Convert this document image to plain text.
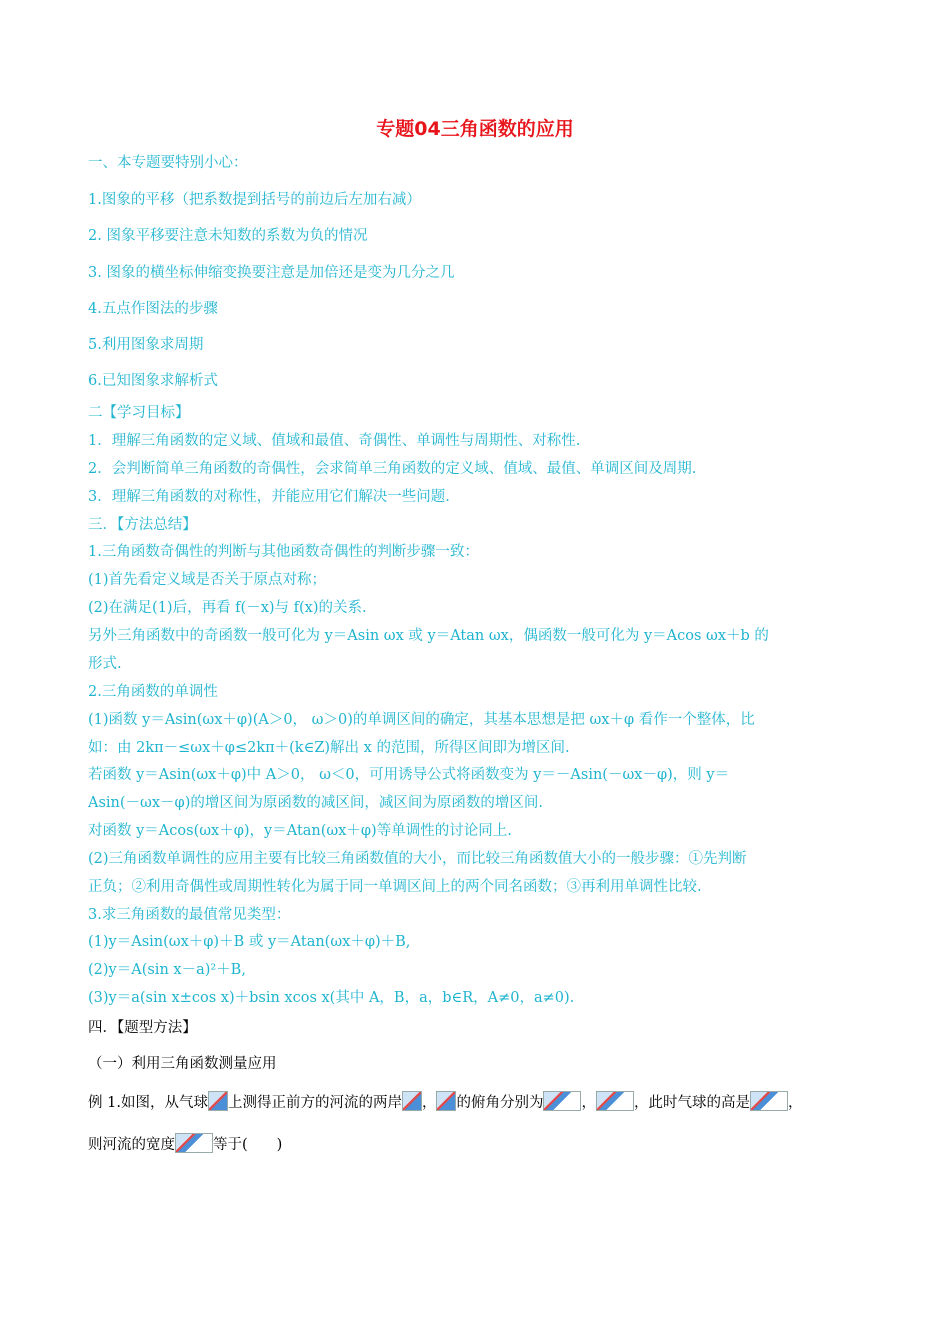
专题04三角函数的应用
一、本专题要特别小心：
1.图象的平移（把系数提到括号的前边后左加右减）
2. 图象平移要注意未知数的系数为负的情况
3. 图象的横坐标伸缩变换要注意是加倍还是变为几分之几
4.五点作图法的步骤
5.利用图象求周期
6.已知图象求解析式
二【学习目标】
1．理解三角函数的定义域、值域和最值、奇偶性、单调性与周期性、对称性.
2．会判断简单三角函数的奇偶性，会求简单三角函数的定义域、值域、最值、单调区间及周期.
3．理解三角函数的对称性，并能应用它们解决一些问题.
三．【方法总结】
1.三角函数奇偶性的判断与其他函数奇偶性的判断步骤一致：
(1)首先看定义域是否关于原点对称；
(2)在满足(1)后，再看 f(－x)与 f(x)的关系.
另外三角函数中的奇函数一般可化为 y＝Asin ωx 或 y＝Atan ωx，偶函数一般可化为 y＝Acos ωx＋b 的
形式.
2.三角函数的单调性
(1)函数 y＝Asin(ωx＋φ)(A＞0， ω＞0)的单调区间的确定，其基本思想是把 ωx＋φ 看作一个整体，比
如：由 2kπ－≤ωx＋φ≤2kπ＋(k∈Z)解出 x 的范围，所得区间即为增区间.
若函数 y＝Asin(ωx＋φ)中 A＞0， ω＜0，可用诱导公式将函数变为 y＝－Asin(－ωx－φ)，则 y＝
Asin(－ωx－φ)的增区间为原函数的减区间，减区间为原函数的增区间.
对函数 y＝Acos(ωx＋φ)，y＝Atan(ωx＋φ)等单调性的讨论同上.
(2)三角函数单调性的应用主要有比较三角函数值的大小，而比较三角函数值大小的一般步骤：①先判断
正负；②利用奇偶性或周期性转化为属于同一单调区间上的两个同名函数；③再利用单调性比较.
3.求三角函数的最值常见类型：
(1)y＝Asin(ωx＋φ)＋B 或 y＝Atan(ωx＋φ)＋B,
(2)y＝A(sin x－a)²＋B,
(3)y＝a(sin x±cos x)＋bsin xcos x(其中 A，B，a，b∈R，A≠0，a≠0).
四．【题型方法】
（一）利用三角函数测量应用
例 1.如图，从气球 上测得正前方的河流的两岸 ， 的俯角分别为	，	，此时气球的高是	，
则河流的宽度	等于(　　)
